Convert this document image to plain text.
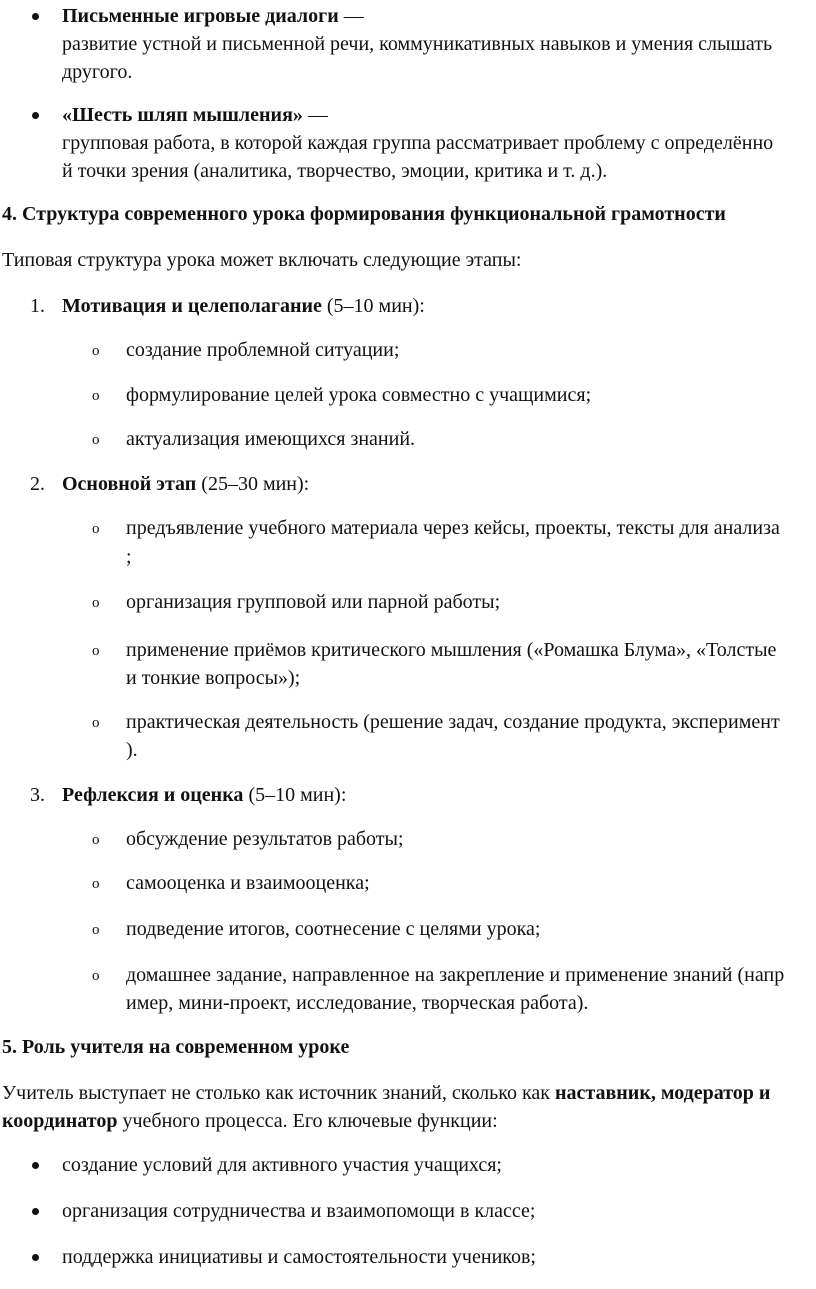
Письменные игровые диалоги —
развитие устной и письменной речи, коммуникативных навыков и умения слышать
другого.
«Шесть шляп мышления» —
групповая работа, в которой каждая группа рассматривает проблему с определённо
й точки зрения (аналитика, творчество, эмоции, критика и т. д.).
4. Структура современного урока формирования функциональной грамотности
Типовая структура урока может включать следующие этапы:
1. Мотивация и целеполагание (5–10 мин):
o создание проблемной ситуации;
o формулирование целей урока совместно с учащимися;
o актуализация имеющихся знаний.
2. Основной этап (25–30 мин):
o предъявление учебного материала через кейсы, проекты, тексты для анализа
;
o организация групповой или парной работы;
o применение приёмов критического мышления («Ромашка Блума», «Толстые
и тонкие вопросы»);
o практическая деятельность (решение задач, создание продукта, эксперимент
).
3. Рефлексия и оценка (5–10 мин):
o обсуждение результатов работы;
o самооценка и взаимооценка;
o подведение итогов, соотнесение с целями урока;
o домашнее задание, направленное на закрепление и применение знаний (напр
имер, мини-проект, исследование, творческая работа).
5. Роль учителя на современном уроке
Учитель выступает не столько как источник знаний, сколько как наставник, модератор и
координатор учебного процесса. Его ключевые функции:
создание условий для активного участия учащихся;
организация сотрудничества и взаимопомощи в классе;
поддержка инициативы и самостоятельности учеников;
